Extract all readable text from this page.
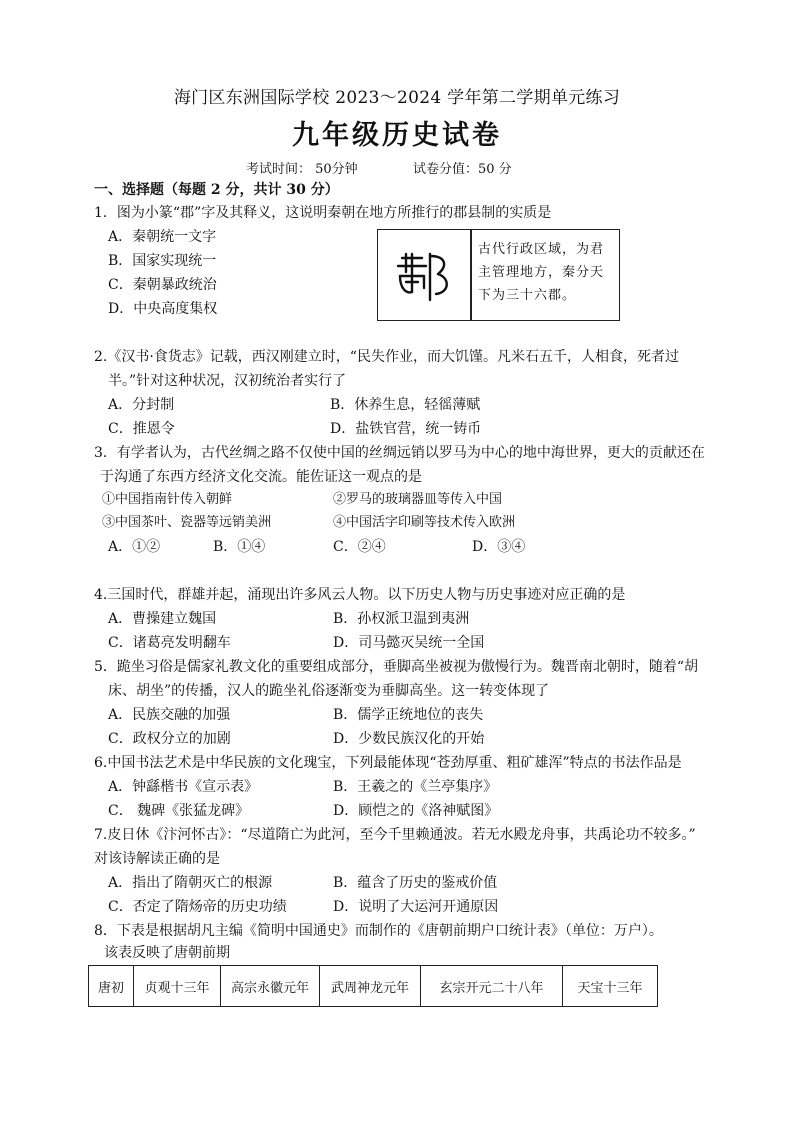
海门区东洲国际学校 2023～2024 学年第二学期单元练习
九年级历史试卷
考试时间： 50分钟	试卷分值：50 分
一、选择题（每题 2 分，共计 30 分）
1．图为小篆“郡”字及其释义，这说明秦朝在地方所推行的郡县制的实质是
A．秦朝统一文字
B．国家实现统一
C．秦朝暴政统治
D．中央高度集权
古代行政区域，为君主管理地方，秦分天下为三十六郡。
2.《汉书·食货志》记载，西汉刚建立时，“民失作业，而大饥馑。凡米石五千，人相食，死者过
半。”针对这种状况，汉初统治者实行了
A．分封制	B．休养生息，轻徭薄赋
C．推恩令	D．盐铁官营，统一铸币
3．有学者认为，古代丝绸之路不仅使中国的丝绸远销以罗马为中心的地中海世界，更大的贡献还在
于沟通了东西方经济文化交流。能佐证这一观点的是
①中国指南针传入朝鲜	②罗马的玻璃器皿等传入中国
③中国茶叶、瓷器等远销美洲	④中国活字印刷等技术传入欧洲
A．①②	B．①④	C．②④	D．③④
4.三国时代，群雄并起，涌现出许多风云人物。以下历史人物与历史事迹对应正确的是
A．曹操建立魏国	B．孙权派卫温到夷洲
C．诸葛亮发明翻车	D．司马懿灭吴统一全国
5．跪坐习俗是儒家礼教文化的重要组成部分，垂脚高坐被视为傲慢行为。魏晋南北朝时，随着“胡
床、胡坐”的传播，汉人的跪坐礼俗逐渐变为垂脚高坐。这一转变体现了
A．民族交融的加强	B．儒学正统地位的丧失
C．政权分立的加剧	D．少数民族汉化的开始
6.中国书法艺术是中华民族的文化瑰宝，下列最能体现“苍劲厚重、粗矿雄浑”特点的书法作品是
A．钟繇楷书《宣示表》	B．王羲之的《兰亭集序》
C． 魏碑《张猛龙碑》	D．顾恺之的《洛神赋图》
7.皮日休《汴河怀古》：“尽道隋亡为此河，至今千里赖通波。若无水殿龙舟事，共禹论功不较多。”
对该诗解读正确的是
A．指出了隋朝灭亡的根源	B．蕴含了历史的鉴戒价值
C．否定了隋炀帝的历史功绩	D．说明了大运河开通原因
8．下表是根据胡凡主编《简明中国通史》而制作的《唐朝前期户口统计表》（单位：万户）。
该表反映了唐朝前期
唐初	贞观十三年	高宗永徽元年	武周神龙元年	玄宗开元二十八年	天宝十三年
